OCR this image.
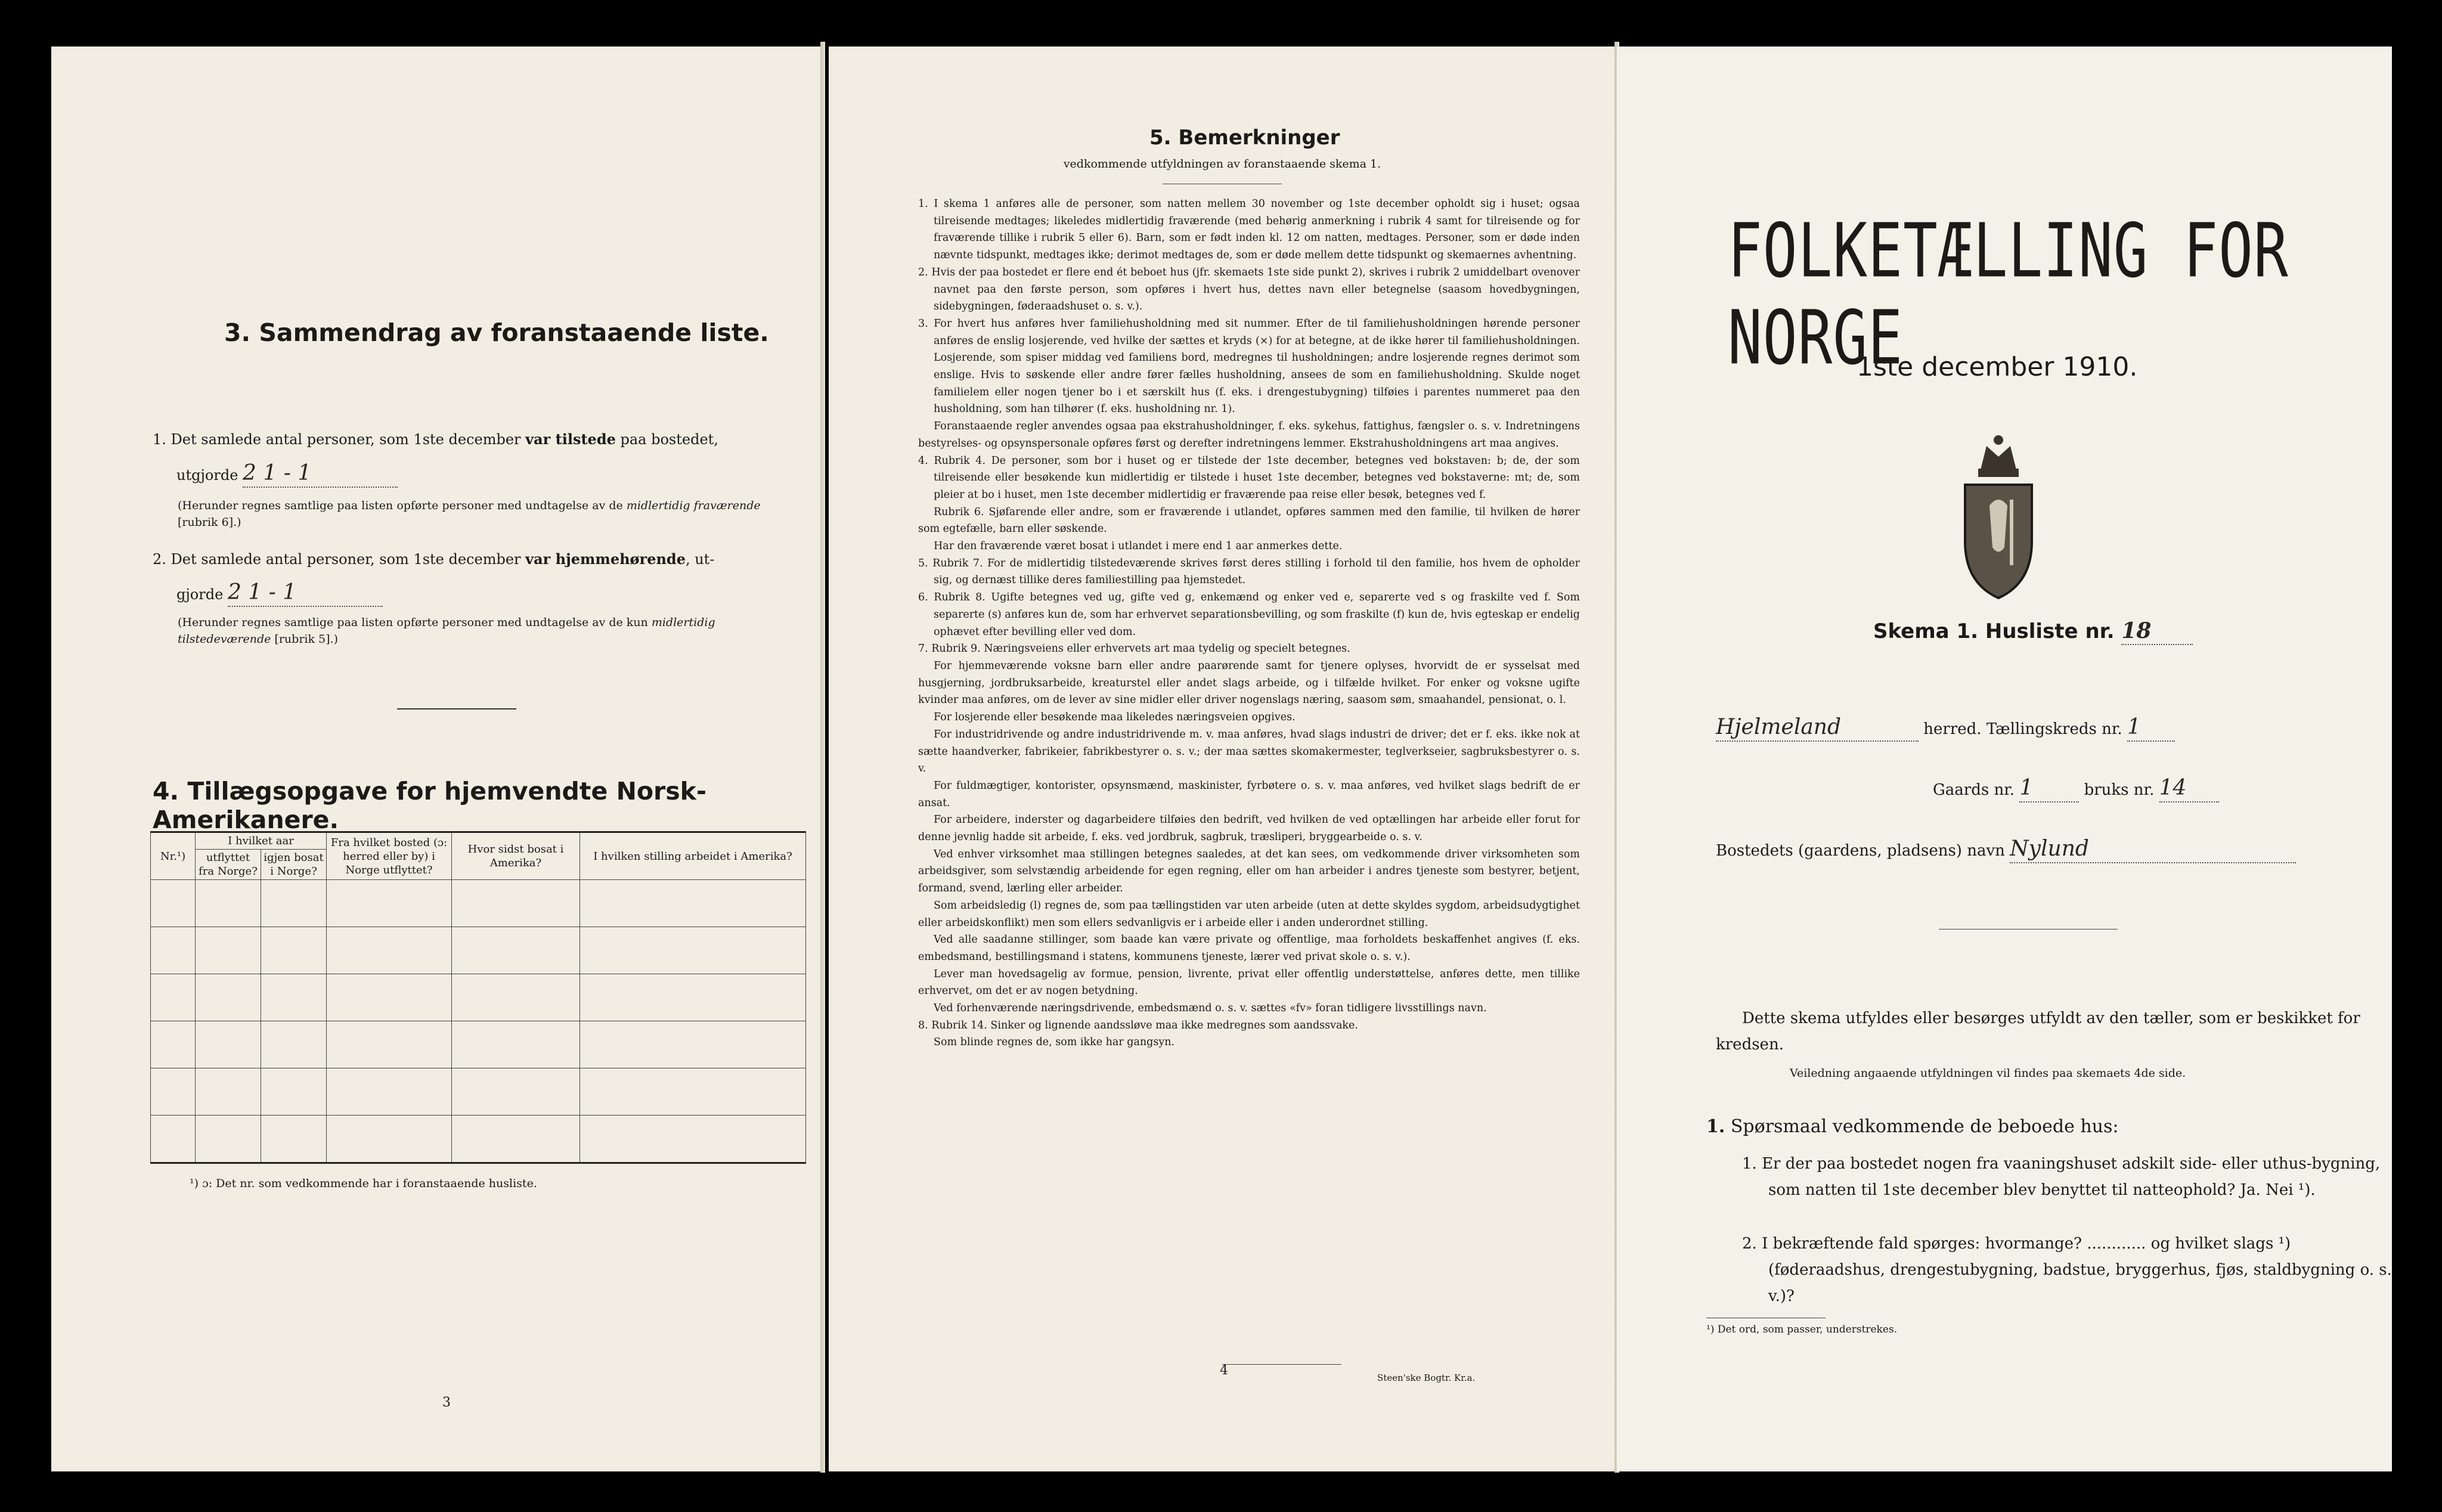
3. Sammendrag av foranstaaende liste.
1. Det samlede antal personer, som 1ste december var tilstede paa bostedet,
utgjorde 2 1 - 1
(Herunder regnes samtlige paa listen opførte personer med undtagelse av de midlertidig fraværende [rubrik 6].)
2. Det samlede antal personer, som 1ste december var hjemmehørende, ut-
gjorde 2 1 - 1
(Herunder regnes samtlige paa listen opførte personer med undtagelse av de kun midlertidig tilstedeværende [rubrik 5].)
4. Tillægsopgave for hjemvendte Norsk-Amerikanere.
Nr.¹)	I hvilket aar		Fra hvilket bosted (ɔ: herred eller by) i Norge utflyttet?	Hvor sidst bosat i Amerika?	I hvilken stilling arbeidet i Amerika?
	utflyttet fra Norge?	igjen bosat i Norge?			

¹) ɔ: Det nr. som vedkommende har i foranstaaende husliste.
3
5. Bemerkninger
vedkommende utfyldningen av foranstaaende skema 1.

1. I skema 1 anføres alle de personer, som natten mellem 30 november og 1ste december opholdt sig i huset; ogsaa tilreisende medtages; likeledes midlertidig fraværende (med behørig anmerkning i rubrik 4 samt for tilreisende og for fraværende tillike i rubrik 5 eller 6). Barn, som er født inden kl. 12 om natten, medtages. Personer, som er døde inden nævnte tidspunkt, medtages ikke; derimot medtages de, som er døde mellem dette tidspunkt og skemaernes avhentning.

2. Hvis der paa bostedet er flere end ét beboet hus (jfr. skemaets 1ste side punkt 2), skrives i rubrik 2 umiddelbart ovenover navnet paa den første person, som opføres i hvert hus, dettes navn eller betegnelse (saasom hovedbygningen, sidebygningen, føderaadshuset o. s. v.).

3. For hvert hus anføres hver familiehusholdning med sit nummer. Efter de til familiehusholdningen hørende personer anføres de enslig losjerende, ved hvilke der sættes et kryds (×) for at betegne, at de ikke hører til familiehusholdningen. Losjerende, som spiser middag ved familiens bord, medregnes til husholdningen; andre losjerende regnes derimot som enslige. Hvis to søskende eller andre fører fælles husholdning, ansees de som en familiehusholdning. Skulde noget familielem eller nogen tjener bo i et særskilt hus (f. eks. i drengestubygning) tilføies i parentes nummeret paa den husholdning, som han tilhører (f. eks. husholdning nr. 1).

Foranstaaende regler anvendes ogsaa paa ekstrahusholdninger, f. eks. sykehus, fattighus, fængsler o. s. v. Indretningens bestyrelses- og opsynspersonale opføres først og derefter indretningens lemmer. Ekstrahusholdningens art maa angives.

4. Rubrik 4. De personer, som bor i huset og er tilstede der 1ste december, betegnes ved bokstaven: b; de, der som tilreisende eller besøkende kun midlertidig er tilstede i huset 1ste december, betegnes ved bokstaverne: mt; de, som pleier at bo i huset, men 1ste december midlertidig er fraværende paa reise eller besøk, betegnes ved f.

Rubrik 6. Sjøfarende eller andre, som er fraværende i utlandet, opføres sammen med den familie, til hvilken de hører som egtefælle, barn eller søskende.

Har den fraværende været bosat i utlandet i mere end 1 aar anmerkes dette.

5. Rubrik 7. For de midlertidig tilstedeværende skrives først deres stilling i forhold til den familie, hos hvem de opholder sig, og dernæst tillike deres familiestilling paa hjemstedet.

6. Rubrik 8. Ugifte betegnes ved ug, gifte ved g, enkemænd og enker ved e, separerte ved s og fraskilte ved f. Som separerte (s) anføres kun de, som har erhvervet separationsbevilling, og som fraskilte (f) kun de, hvis egteskap er endelig ophævet efter bevilling eller ved dom.

7. Rubrik 9. Næringsveiens eller erhvervets art maa tydelig og specielt betegnes.

For hjemmeværende voksne barn eller andre paarørende samt for tjenere oplyses, hvorvidt de er sysselsat med husgjerning, jordbruksarbeide, kreaturstel eller andet slags arbeide, og i tilfælde hvilket. For enker og voksne ugifte kvinder maa anføres, om de lever av sine midler eller driver nogenslags næring, saasom søm, smaahandel, pensionat, o. l.

For losjerende eller besøkende maa likeledes næringsveien opgives.

For industridrivende og andre industridrivende m. v. maa anføres, hvad slags industri de driver; det er f. eks. ikke nok at sætte haandverker, fabrikeier, fabrikbestyrer o. s. v.; der maa sættes skomakermester, teglverkseier, sagbruksbestyrer o. s. v.

For fuldmægtiger, kontorister, opsynsmænd, maskinister, fyrbøtere o. s. v. maa anføres, ved hvilket slags bedrift de er ansat.

For arbeidere, inderster og dagarbeidere tilføies den bedrift, ved hvilken de ved optællingen har arbeide eller forut for denne jevnlig hadde sit arbeide, f. eks. ved jordbruk, sagbruk, træsliperi, bryggearbeide o. s. v.

Ved enhver virksomhet maa stillingen betegnes saaledes, at det kan sees, om vedkommende driver virksomheten som arbeidsgiver, som selvstændig arbeidende for egen regning, eller om han arbeider i andres tjeneste som bestyrer, betjent, formand, svend, lærling eller arbeider.

Som arbeidsledig (l) regnes de, som paa tællingstiden var uten arbeide (uten at dette skyldes sygdom, arbeidsudygtighet eller arbeidskonflikt) men som ellers sedvanligvis er i arbeide eller i anden underordnet stilling.

Ved alle saadanne stillinger, som baade kan være private og offentlige, maa forholdets beskaffenhet angives (f. eks. embedsmand, bestillingsmand i statens, kommunens tjeneste, lærer ved privat skole o. s. v.).

Lever man hovedsagelig av formue, pension, livrente, privat eller offentlig understøttelse, anføres dette, men tillike erhvervet, om det er av nogen betydning.

Ved forhenværende næringsdrivende, embedsmænd o. s. v. sættes «fv» foran tidligere livsstillings navn.

8. Rubrik 14. Sinker og lignende aandssløve maa ikke medregnes som aandssvake.

Som blinde regnes de, som ikke har gangsyn.

4	Steen'ske Bogtr. Kr.a.
FOLKETÆLLING FOR NORGE
1ste december 1910.
Skema 1. Husliste nr. 18
Hjelmeland	herred. Tællingskreds nr. 1
Gaards nr. 1	bruks nr. 14
Bostedets (gaardens, pladsens) navn Nylund
Dette skema utfyldes eller besørges utfyldt av den tæller, som er beskikket for kredsen.
Veiledning angaaende utfyldningen vil findes paa skemaets 4de side.
1. Spørsmaal vedkommende de beboede hus:
1. Er der paa bostedet nogen fra vaaningshuset adskilt side- eller uthus-bygning, som natten til 1ste december blev benyttet til natteophold? Ja. Nei ¹).
2. I bekræftende fald spørges: hvormange? ............ og hvilket slags ¹) (føderaadshus, drengestubygning, badstue, bryggerhus, fjøs, staldbygning o. s. v.)?
¹) Det ord, som passer, understrekes.
